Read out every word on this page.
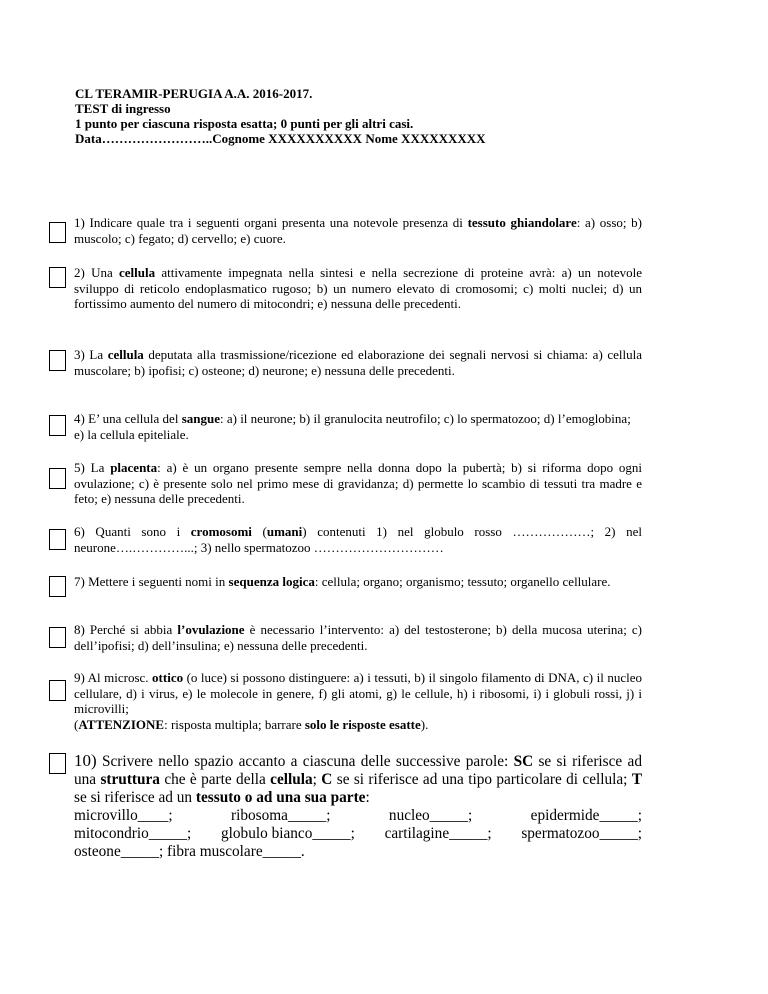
CL TERAMIR-PERUGIA A.A. 2016-2017.
TEST di ingresso
1 punto per ciascuna risposta esatta; 0 punti per gli altri casi.
Data……………………..Cognome XXXXXXXXXX Nome XXXXXXXXX
1) Indicare quale tra i seguenti organi presenta una notevole presenza di tessuto ghiandolare: a) osso; b) muscolo; c) fegato; d) cervello; e) cuore.
2) Una cellula attivamente impegnata nella sintesi e nella secrezione di proteine avrà: a) un notevole sviluppo di reticolo endoplasmatico rugoso; b) un numero elevato di cromosomi; c) molti nuclei; d) un fortissimo aumento del numero di mitocondri; e) nessuna delle precedenti.
3) La cellula deputata alla trasmissione/ricezione ed elaborazione dei segnali nervosi si chiama: a) cellula muscolare; b) ipofisi; c) osteone; d) neurone; e) nessuna delle precedenti.
4) E’ una cellula del sangue: a) il neurone; b) il granulocita neutrofilo; c) lo spermatozoo; d) l’emoglobina; e) la cellula epiteliale.
5) La placenta: a) è un organo presente sempre nella donna dopo la pubertà; b) si riforma dopo ogni ovulazione; c) è presente solo nel primo mese di gravidanza; d) permette lo scambio di tessuti tra madre e feto; e) nessuna delle precedenti.
6) Quanti sono i cromosomi (umani) contenuti 1) nel globulo rosso ………………; 2) nel neurone….…………...; 3) nello spermatozoo …………………………
7) Mettere i seguenti nomi in sequenza logica: cellula; organo; organismo; tessuto; organello cellulare.
8) Perché si abbia l’ovulazione è necessario l’intervento: a) del testosterone; b) della mucosa uterina; c) dell’ipofisi; d) dell’insulina; e) nessuna delle precedenti.
9) Al microsc. ottico (o luce) si possono distinguere: a) i tessuti, b) il singolo filamento di DNA, c) il nucleo cellulare, d) i virus, e) le molecole in genere, f) gli atomi, g) le cellule, h) i ribosomi, i) i globuli rossi, j) i microvilli;
(ATTENZIONE: risposta multipla; barrare solo le risposte esatte).
10) Scrivere nello spazio accanto a ciascuna delle successive parole: SC se si riferisce ad una struttura che è parte della cellula; C se si riferisce ad una tipo particolare di cellula; T se si riferisce ad un tessuto o ad una sua parte:
microvillo____;	ribosoma_____;	nucleo_____;	epidermide_____;
mitocondrio_____; globulo bianco_____; cartilagine_____; spermatozoo_____;
osteone_____; fibra muscolare_____.
